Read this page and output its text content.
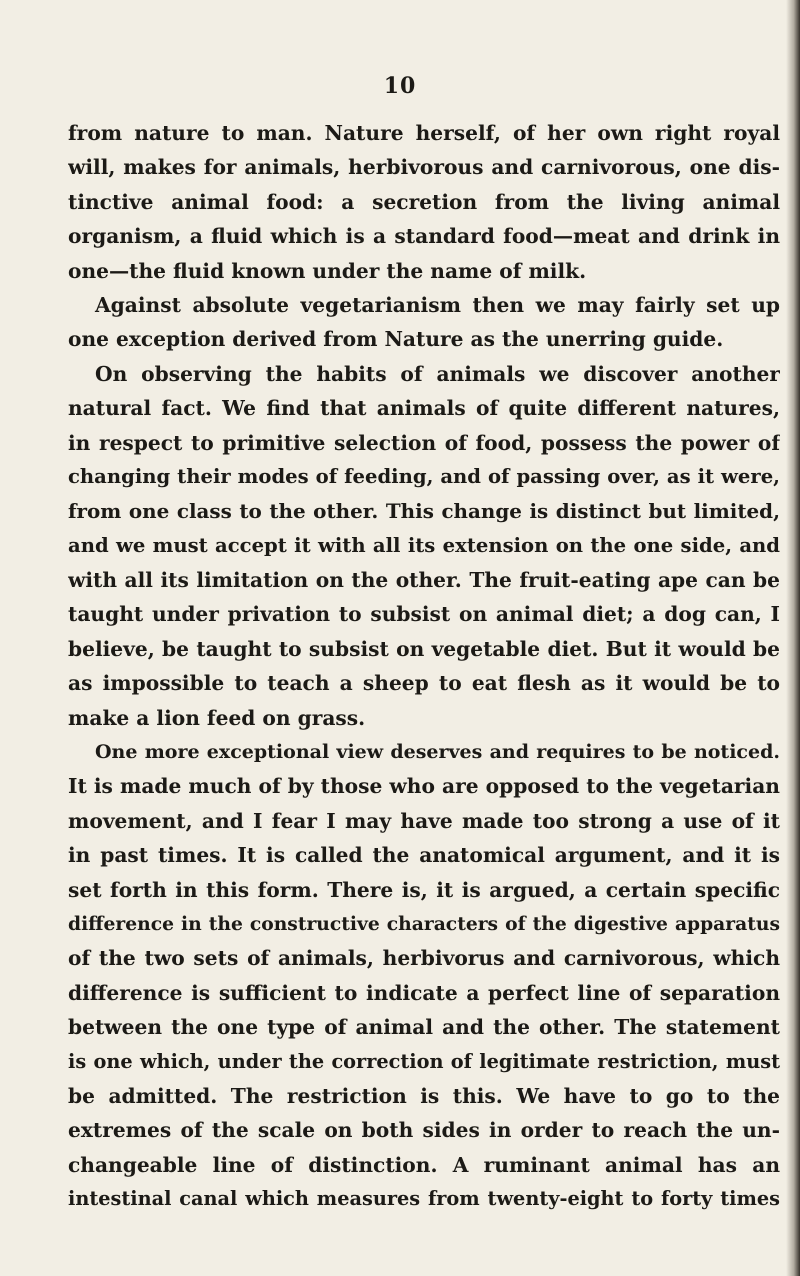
10
from nature to man. Nature herself, of her own right royal
will, makes for animals, herbivorous and carnivorous, one dis-
tinctive animal food: a secretion from the living animal
organism, a fluid which is a standard food—meat and drink in
one—the fluid known under the name of milk.
Against absolute vegetarianism then we may fairly set up
one exception derived from Nature as the unerring guide.
On observing the habits of animals we discover another
natural fact. We find that animals of quite different natures,
in respect to primitive selection of food, possess the power of
changing their modes of feeding, and of passing over, as it were,
from one class to the other. This change is distinct but limited,
and we must accept it with all its extension on the one side, and
with all its limitation on the other. The fruit-eating ape can be
taught under privation to subsist on animal diet; a dog can, I
believe, be taught to subsist on vegetable diet. But it would be
as impossible to teach a sheep to eat flesh as it would be to
make a lion feed on grass.
One more exceptional view deserves and requires to be noticed.
It is made much of by those who are opposed to the vegetarian
movement, and I fear I may have made too strong a use of it
in past times. It is called the anatomical argument, and it is
set forth in this form. There is, it is argued, a certain specific
difference in the constructive characters of the digestive apparatus
of the two sets of animals, herbivorus and carnivorous, which
difference is sufficient to indicate a perfect line of separation
between the one type of animal and the other. The statement
is one which, under the correction of legitimate restriction, must
be admitted. The restriction is this. We have to go to the
extremes of the scale on both sides in order to reach the un-
changeable line of distinction. A ruminant animal has an
intestinal canal which measures from twenty-eight to forty times
